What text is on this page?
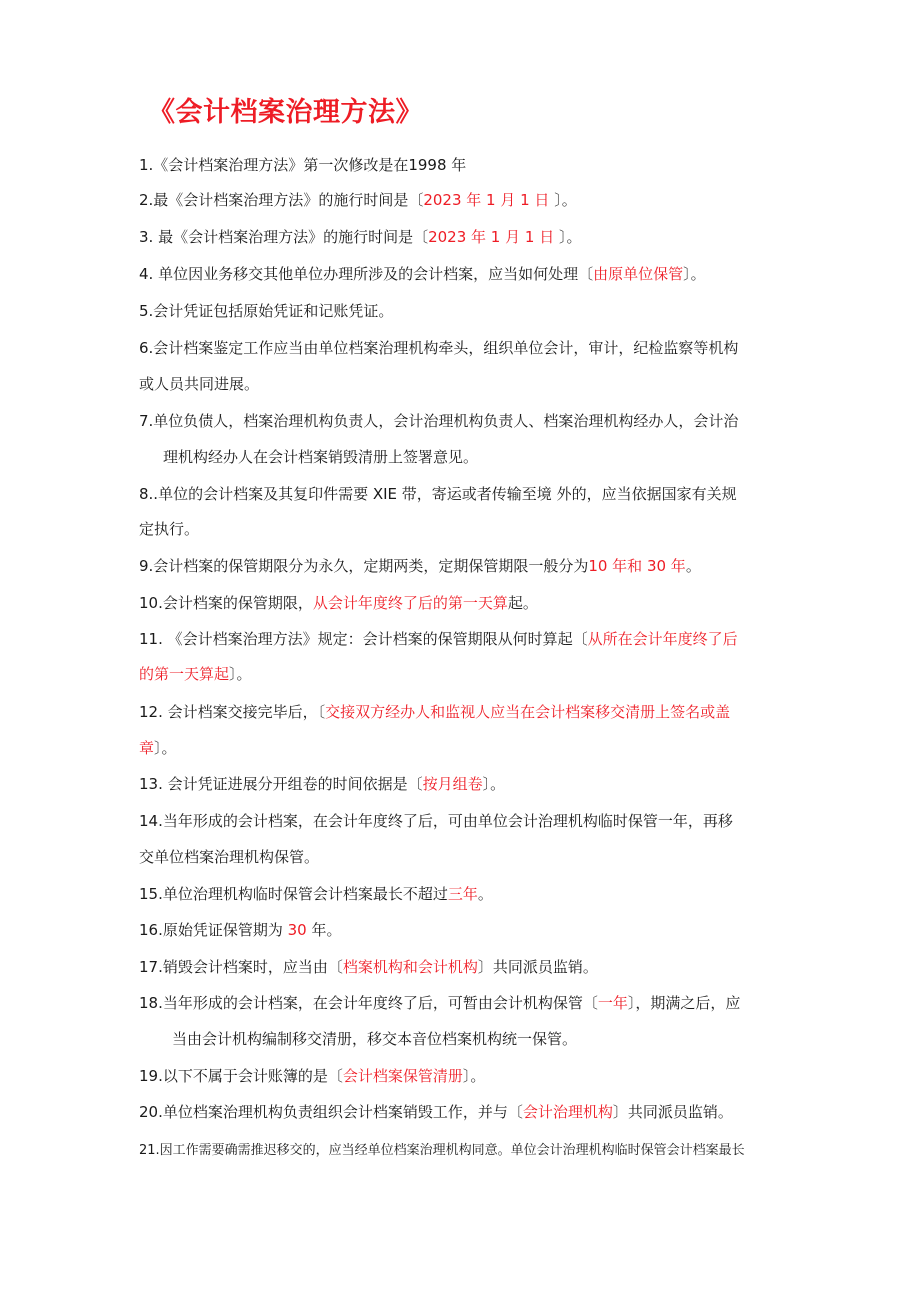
《会计档案治理方法》
1.《会计档案治理方法》第一次修改是在1998 年
2.最《会计档案治理方法》的施行时间是〔2023 年 1 月 1 日 〕。
3. 最《会计档案治理方法》的施行时间是〔2023 年 1 月 1 日 〕。
4. 单位因业务移交其他单位办理所涉及的会计档案，应当如何处理〔由原单位保管〕。
5.会计凭证包括原始凭证和记账凭证。
6.会计档案鉴定工作应当由单位档案治理机构牵头，组织单位会计，审计，纪检监察等机构
或人员共同进展。
7.单位负债人，档案治理机构负责人，会计治理机构负责人、档案治理机构经办人，会计治
理机构经办人在会计档案销毁清册上签署意见。
8..单位的会计档案及其复印件需要 XIE 带，寄运或者传输至境 外的，应当依据国家有关规
定执行。
9.会计档案的保管期限分为永久，定期两类，定期保管期限一般分为10 年和 30 年。
10.会计档案的保管期限，从会计年度终了后的第一天算起。
11. 《会计档案治理方法》规定：会计档案的保管期限从何时算起〔从所在会计年度终了后
的第一天算起〕。
12. 会计档案交接完毕后，〔交接双方经办人和监视人应当在会计档案移交清册上签名或盖
章〕。
13. 会计凭证进展分开组卷的时间依据是〔按月组卷〕。
14.当年形成的会计档案，在会计年度终了后，可由单位会计治理机构临时保管一年，再移
交单位档案治理机构保管。
15.单位治理机构临时保管会计档案最长不超过三年。
16.原始凭证保管期为 30 年。
17.销毁会计档案时，应当由〔档案机构和会计机构〕共同派员监销。
18.当年形成的会计档案，在会计年度终了后，可暂由会计机构保管〔一年〕，期满之后，应
当由会计机构编制移交清册，移交本音位档案机构统一保管。
19.以下不属于会计账簿的是〔会计档案保管清册〕。
20.单位档案治理机构负责组织会计档案销毁工作，并与〔会计治理机构〕共同派员监销。
21.因工作需要确需推迟移交的，应当经单位档案治理机构同意。单位会计治理机构临时保管会计档案最长
